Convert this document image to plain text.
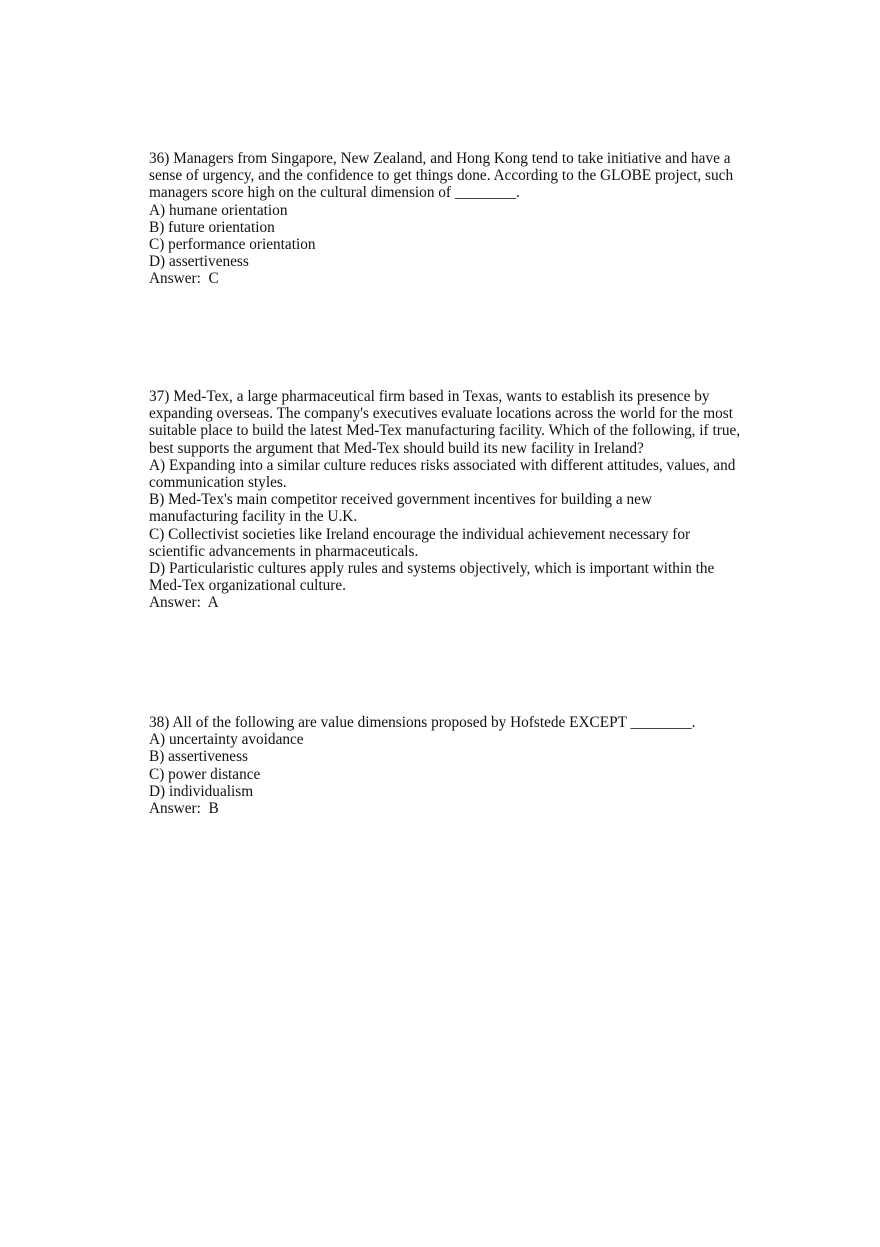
36) Managers from Singapore, New Zealand, and Hong Kong tend to take initiative and have a
sense of urgency, and the confidence to get things done. According to the GLOBE project, such
managers score high on the cultural dimension of ________.
A) humane orientation
B) future orientation
C) performance orientation
D) assertiveness
Answer:  C
37) Med-Tex, a large pharmaceutical firm based in Texas, wants to establish its presence by
expanding overseas. The company's executives evaluate locations across the world for the most
suitable place to build the latest Med-Tex manufacturing facility. Which of the following, if true,
best supports the argument that Med-Tex should build its new facility in Ireland?
A) Expanding into a similar culture reduces risks associated with different attitudes, values, and
communication styles.
B) Med-Tex's main competitor received government incentives for building a new
manufacturing facility in the U.K.
C) Collectivist societies like Ireland encourage the individual achievement necessary for
scientific advancements in pharmaceuticals.
D) Particularistic cultures apply rules and systems objectively, which is important within the
Med-Tex organizational culture.
Answer:  A
38) All of the following are value dimensions proposed by Hofstede EXCEPT ________.
A) uncertainty avoidance
B) assertiveness
C) power distance
D) individualism
Answer:  B
